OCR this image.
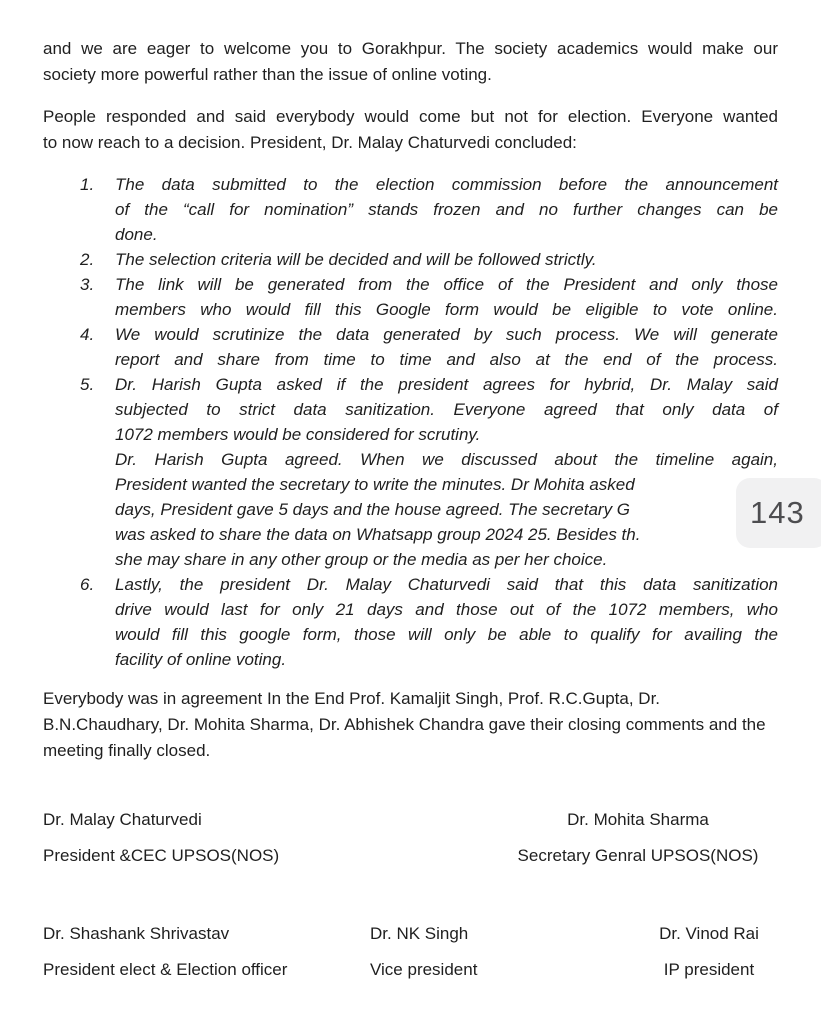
and we are eager to welcome you to Gorakhpur. The society academics would make our
society more powerful rather than the issue of online voting.

People responded and said everybody would come but not for election. Everyone wanted
to now reach to a decision. President, Dr. Malay Chaturvedi concluded:

1.	The data submitted to the election commission before the announcement
of the “call for nomination” stands frozen and no further changes can be
done.
2.	The selection criteria will be decided and will be followed strictly.
3.	The link will be generated from the office of the President and only those
members who would fill this Google form would be eligible to vote online.
4.	We would scrutinize the data generated by such process. We will generate
report and share from time to time and also at the end of the process.
5.	Dr. Harish Gupta asked if the president agrees for hybrid, Dr. Malay said
subjected to strict data sanitization. Everyone agreed that only data of
1072 members would be considered for scrutiny.
Dr. Harish Gupta agreed. When we discussed about the timeline again,
President wanted the secretary to write the minutes. Dr Mohita asked
days, President gave 5 days and the house agreed. The secretary G
was asked to share the data on Whatsapp group 2024 25. Besides th.
she may share in any other group or the media as per her choice.
6.	Lastly, the president Dr. Malay Chaturvedi said that this data sanitization
drive would last for only 21 days and those out of the 1072 members, who
would fill this google form, those will only be able to qualify for availing the
facility of online voting.

Everybody was in agreement In the End Prof. Kamaljit Singh, Prof. R.C.Gupta, Dr. B.N.Chaudhary, Dr. Mohita Sharma, Dr. Abhishek Chandra gave their closing comments and the meeting finally closed.

Dr. Malay Chaturvedi
President &CEC UPSOS(NOS)
Dr. Mohita Sharma
Secretary Genral UPSOS(NOS)
Dr. Shashank Shrivastav
President elect & Election officer
Dr. NK Singh
Vice president
Dr. Vinod Rai
IP president
143
